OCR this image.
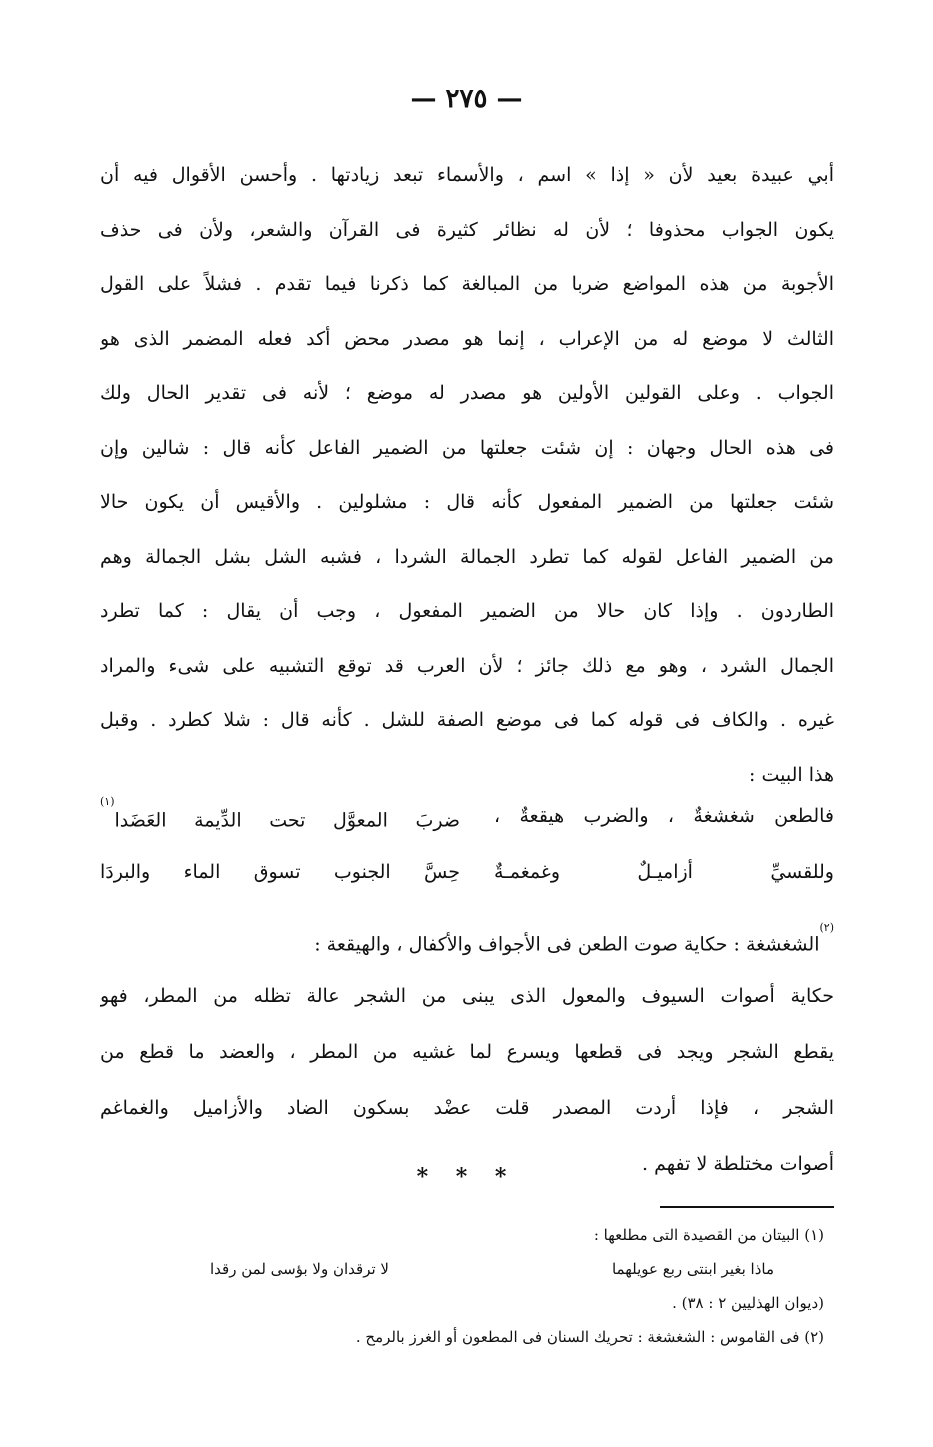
— ٢٧٥ —
أبي عبيدة بعيد لأن « إذا » اسم ، والأسماء تبعد زيادتها . وأحسن الأقوال فيه أن
يكون الجواب محذوفا ؛ لأن له نظائر كثيرة فى القرآن والشعر، ولأن فى حذف
الأجوبة من هذه المواضع ضربا من المبالغة كما ذكرنا فيما تقدم . فشلاً على القول
الثالث لا موضع له من الإعراب ، إنما هو مصدر محض أكد فعله المضمر الذى هو
الجواب . وعلى القولين الأولين هو مصدر له موضع ؛ لأنه فى تقدير الحال ولك
فى هذه الحال وجهان : إن شئت جعلتها من الضمير الفاعل كأنه قال : شالين وإن
شئت جعلتها من الضمير المفعول كأنه قال : مشلولين . والأقيس أن يكون حالا
من الضمير الفاعل لقوله كما تطرد الجمالة الشردا ، فشبه الشل بشل الجمالة وهم
الطاردون . وإذا كان حالا من الضمير المفعول ، وجب أن يقال : كما تطرد
الجمال الشرد ، وهو مع ذلك جائز ؛ لأن العرب قد توقع التشبيه على شىء والمراد
غيره . والكاف فى قوله كما فى موضع الصفة للشل . كأنه قال : شلا كطرد . وقبل
هذا البيت :
فالطعن شغشغةٌ ، والضرب هيقعةٌ ،
ضربَ المعوَّل تحت الدِّيمة العَضَدا$^{(١)}$
وللقسيِّ أزاميـلٌ وغمغمـةٌ
حِسَّ الجنوب تسوق الماء والبردَا
$^{(٢)}$الشغشغة : حكاية صوت الطعن فى الأجواف والأكفال ، والهيقعة :
حكاية أصوات السيوف والمعول الذى يبنى من الشجر عالة تظله من المطر، فهو
يقطع الشجر ويجد فى قطعها ويسرع لما غشيه من المطر ، والعضد ما قطع من
الشجر ، فإذا أردت المصدر قلت عضْد بسكون الضاد والأزاميل والغماغم
أصوات مختلطة لا تفهم .
* * *
(١) البيتان من القصيدة التى مطلعها :
ماذا بغير ابنتى ربع عويلهما
لا ترقدان ولا بؤسى لمن رقدا
(ديوان الهذليين ٢ : ٣٨) .
(٢) فى القاموس : الشغشغة : تحريك السنان فى المطعون أو الغرز بالرمح .
